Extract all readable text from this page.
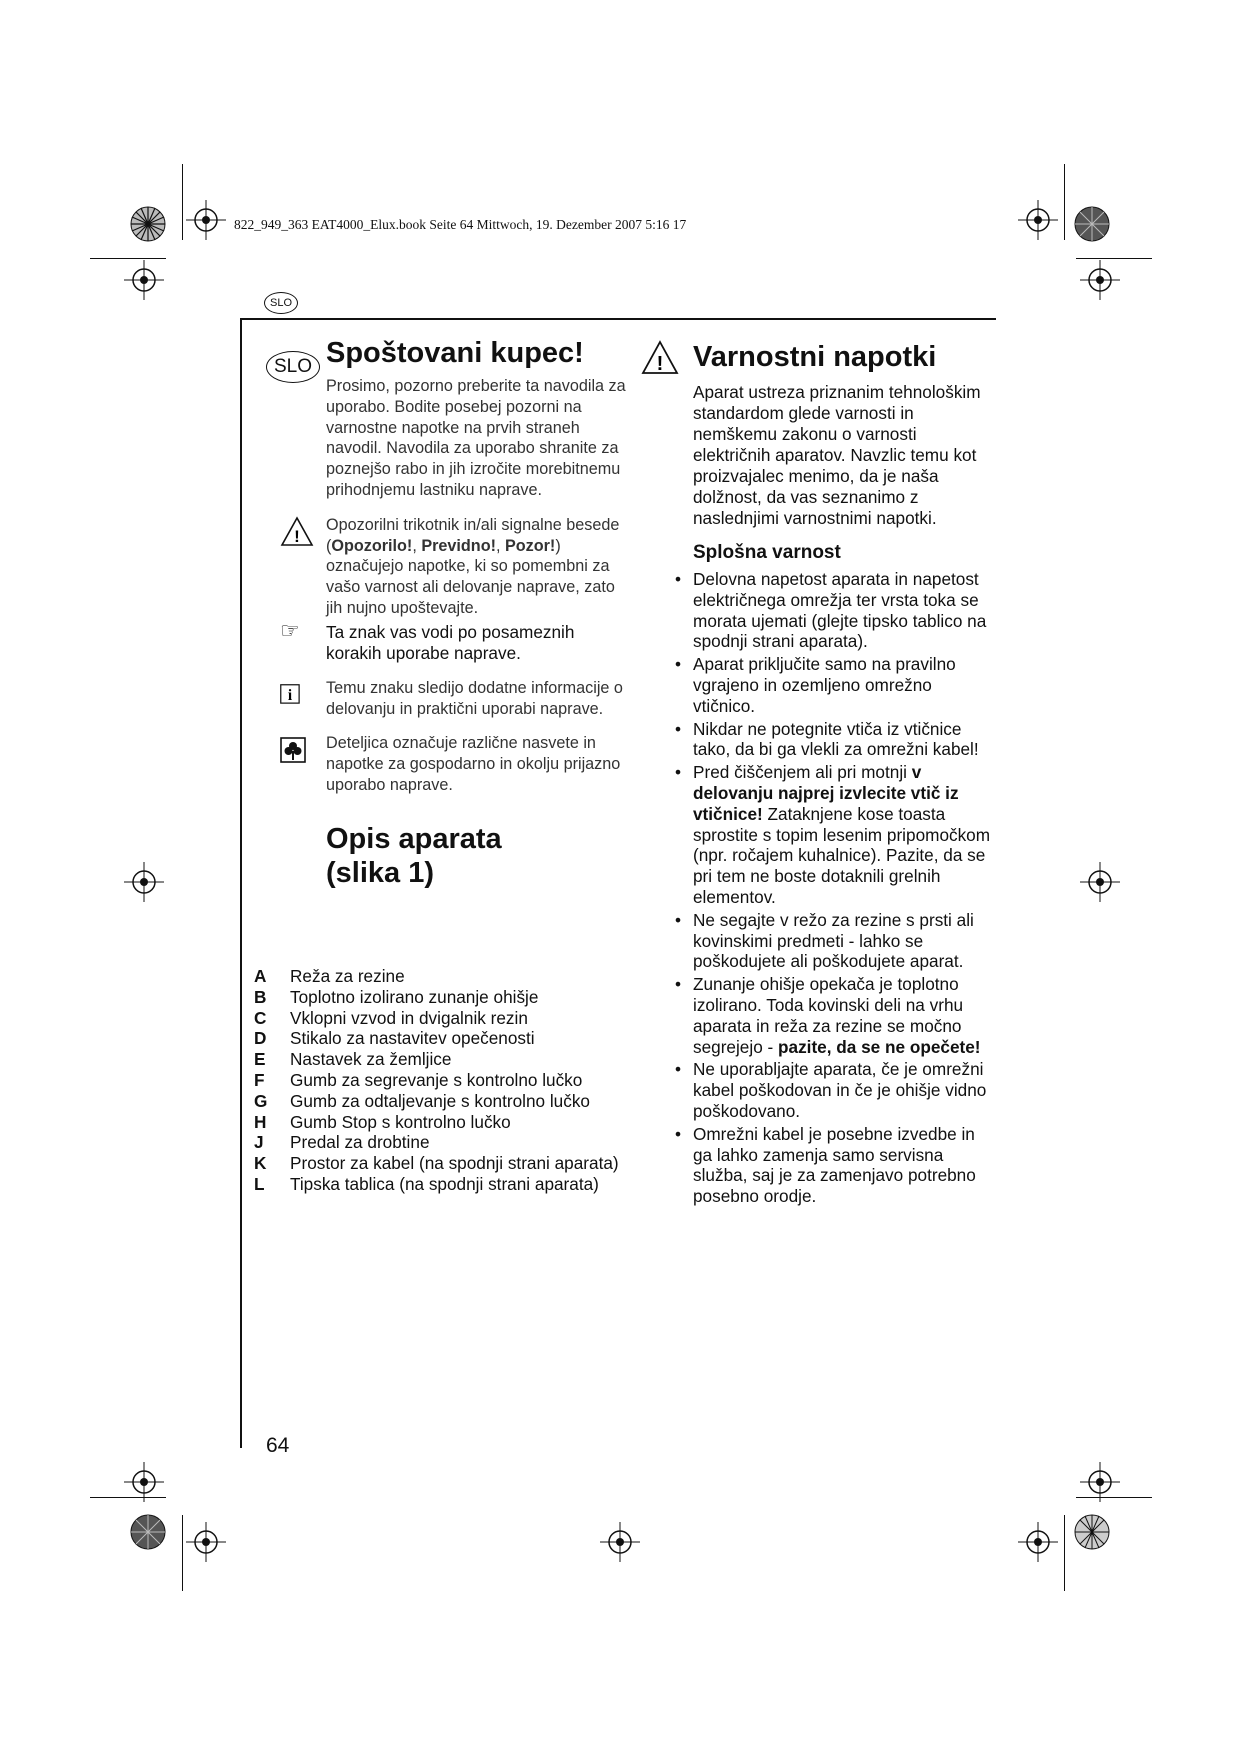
822_949_363 EAT4000_Elux.book Seite 64 Mittwoch, 19. Dezember 2007 5:16 17
SLO
SLO Spoštovani kupec!

Prosimo, pozorno preberite ta navodila za uporabo. Bodite posebej pozorni na varnostne napotke na prvih straneh navodil. Navodila za uporabo shranite za poznejšo rabo in jih izročite morebitnemu prihodnjemu lastniku naprave.

!

Opozorilni trikotnik in/ali signalne besede (Opozorilo!, Previdno!, Pozor!) označujejo napotke, ki so pomembni za vašo varnost ali delovanje naprave, zato jih nujno upoštevajte.

☞	Ta znak vas vodi po posameznih korakih uporabe naprave.

i Temu znaku sledijo dodatne informacije o delovanju in praktični uporabi naprave.

Deteljica označuje različne nasvete in napotke za gospodarno in okolju prijazno uporabo naprave.

Opis aparata
(slika 1)
A	Reža za rezine
B	Toplotno izolirano zunanje ohišje
C	Vklopni vzvod in dvigalnik rezin
D	Stikalo za nastavitev opečenosti
E	Nastavek za žemljice
F	Gumb za segrevanje s kontrolno lučko
G	Gumb za odtaljevanje s kontrolno lučko
H	Gumb Stop s kontrolno lučko
J	Predal za drobtine
K	Prostor za kabel (na spodnji strani aparata)
L	Tipska tablica (na spodnji strani aparata)
! Varnostni napotki

Aparat ustreza priznanim tehnološkim standardom glede varnosti in nemškemu zakonu o varnosti električnih aparatov. Navzlic temu kot proizvajalec menimo, da je naša dolžnost, da vas seznanimo z naslednjimi varnostnimi napotki.

Splošna varnost
• Delovna napetost aparata in napetost električnega omrežja ter vrsta toka se morata ujemati (glejte tipsko tablico na spodnji strani aparata).
• Aparat priključite samo na pravilno vgrajeno in ozemljeno omrežno vtičnico.
• Nikdar ne potegnite vtiča iz vtičnice tako, da bi ga vlekli za omrežni kabel!
• Pred čiščenjem ali pri motnji v delovanju najprej izvlecite vtič iz vtičnice! Zataknjene kose toasta sprostite s topim lesenim pripomočkom (npr. ročajem kuhalnice). Pazite, da se pri tem ne boste dotaknili grelnih elementov.
• Ne segajte v režo za rezine s prsti ali kovinskimi predmeti - lahko se poškodujete ali poškodujete aparat.
• Zunanje ohišje opekača je toplotno izolirano. Toda kovinski deli na vrhu aparata in reža za rezine se močno segrejejo - pazite, da se ne opečete!
• Ne uporabljajte aparata, če je omrežni kabel poškodovan in če je ohišje vidno poškodovano.
• Omrežni kabel je posebne izvedbe in ga lahko zamenja samo servisna služba, saj je za zamenjavo potrebno posebno orodje.
64
